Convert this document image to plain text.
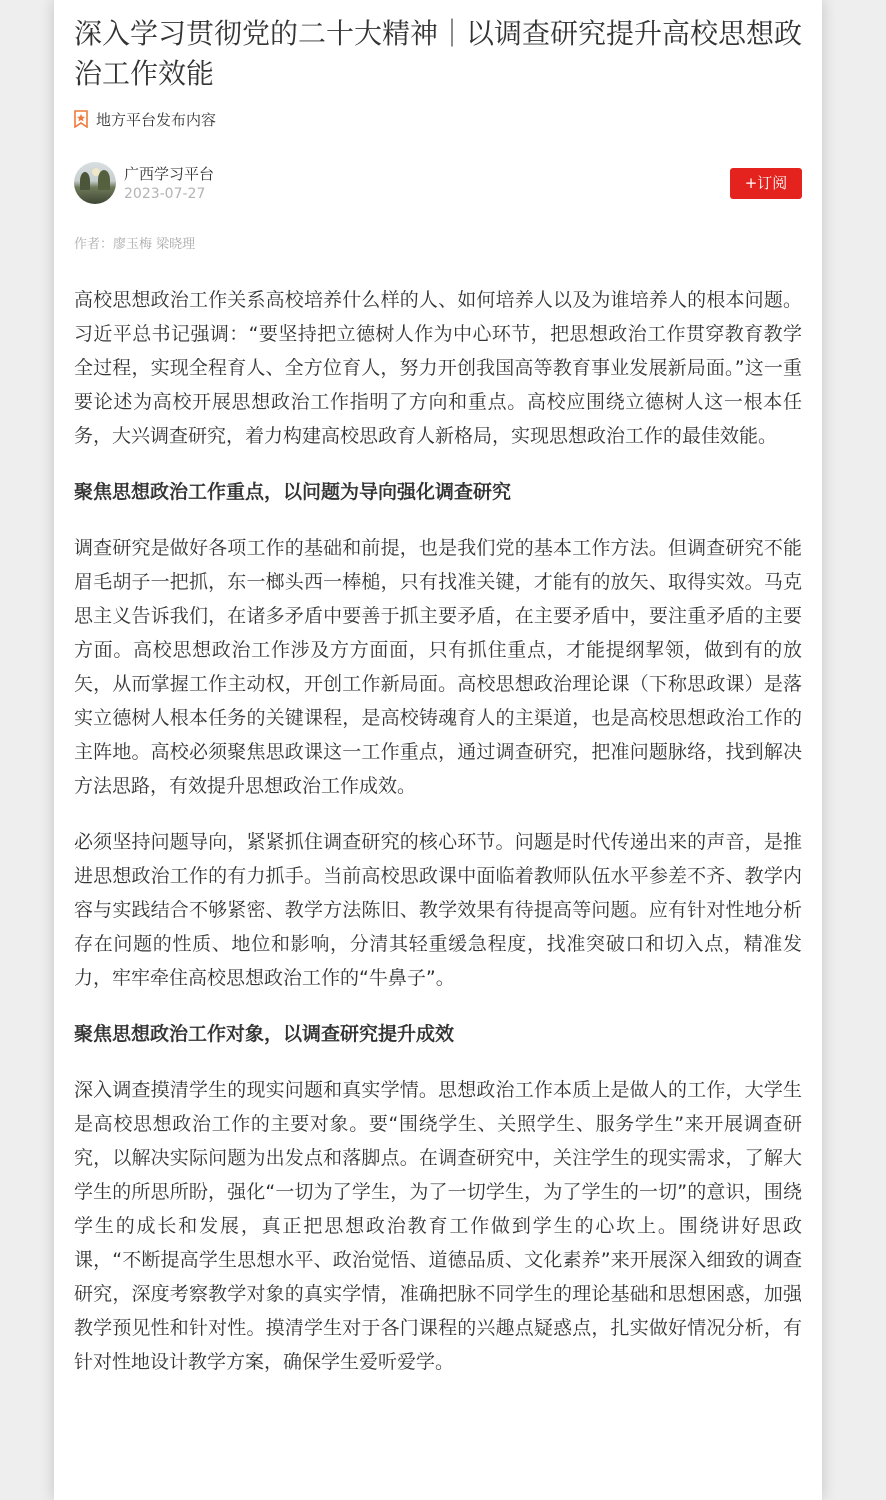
深入学习贯彻党的二十大精神｜以调查研究提升高校思想政治工作效能
地方平台发布内容
广西学习平台
2023-07-27
+订阅
作者：廖玉梅 梁晓理

高校思想政治工作关系高校培养什么样的人、如何培养人以及为谁培养人的根本问题。习近平总书记强调：“要坚持把立德树人作为中心环节，把思想政治工作贯穿教育教学全过程，实现全程育人、全方位育人，努力开创我国高等教育事业发展新局面。”这一重要论述为高校开展思想政治工作指明了方向和重点。高校应围绕立德树人这一根本任务，大兴调查研究，着力构建高校思政育人新格局，实现思想政治工作的最佳效能。

聚焦思想政治工作重点，以问题为导向强化调查研究

调查研究是做好各项工作的基础和前提，也是我们党的基本工作方法。但调查研究不能眉毛胡子一把抓，东一榔头西一棒槌，只有找准关键，才能有的放矢、取得实效。马克思主义告诉我们，在诸多矛盾中要善于抓主要矛盾，在主要矛盾中，要注重矛盾的主要方面。高校思想政治工作涉及方方面面，只有抓住重点，才能提纲挈领，做到有的放矢，从而掌握工作主动权，开创工作新局面。高校思想政治理论课（下称思政课）是落实立德树人根本任务的关键课程，是高校铸魂育人的主渠道，也是高校思想政治工作的主阵地。高校必须聚焦思政课这一工作重点，通过调查研究，把准问题脉络，找到解决方法思路，有效提升思想政治工作成效。

必须坚持问题导向，紧紧抓住调查研究的核心环节。问题是时代传递出来的声音，是推进思想政治工作的有力抓手。当前高校思政课中面临着教师队伍水平参差不齐、教学内容与实践结合不够紧密、教学方法陈旧、教学效果有待提高等问题。应有针对性地分析存在问题的性质、地位和影响，分清其轻重缓急程度，找准突破口和切入点，精准发力，牢牢牵住高校思想政治工作的“牛鼻子”。

聚焦思想政治工作对象，以调查研究提升成效

深入调查摸清学生的现实问题和真实学情。思想政治工作本质上是做人的工作，大学生是高校思想政治工作的主要对象。要“围绕学生、关照学生、服务学生”来开展调查研究，以解决实际问题为出发点和落脚点。在调查研究中，关注学生的现实需求，了解大学生的所思所盼，强化“一切为了学生，为了一切学生，为了学生的一切”的意识，围绕学生的成长和发展，真正把思想政治教育工作做到学生的心坎上。围绕讲好思政课，“不断提高学生思想水平、政治觉悟、道德品质、文化素养”来开展深入细致的调查研究，深度考察教学对象的真实学情，准确把脉不同学生的理论基础和思想困惑，加强教学预见性和针对性。摸清学生对于各门课程的兴趣点疑惑点，扎实做好情况分析，有针对性地设计教学方案，确保学生爱听爱学。
